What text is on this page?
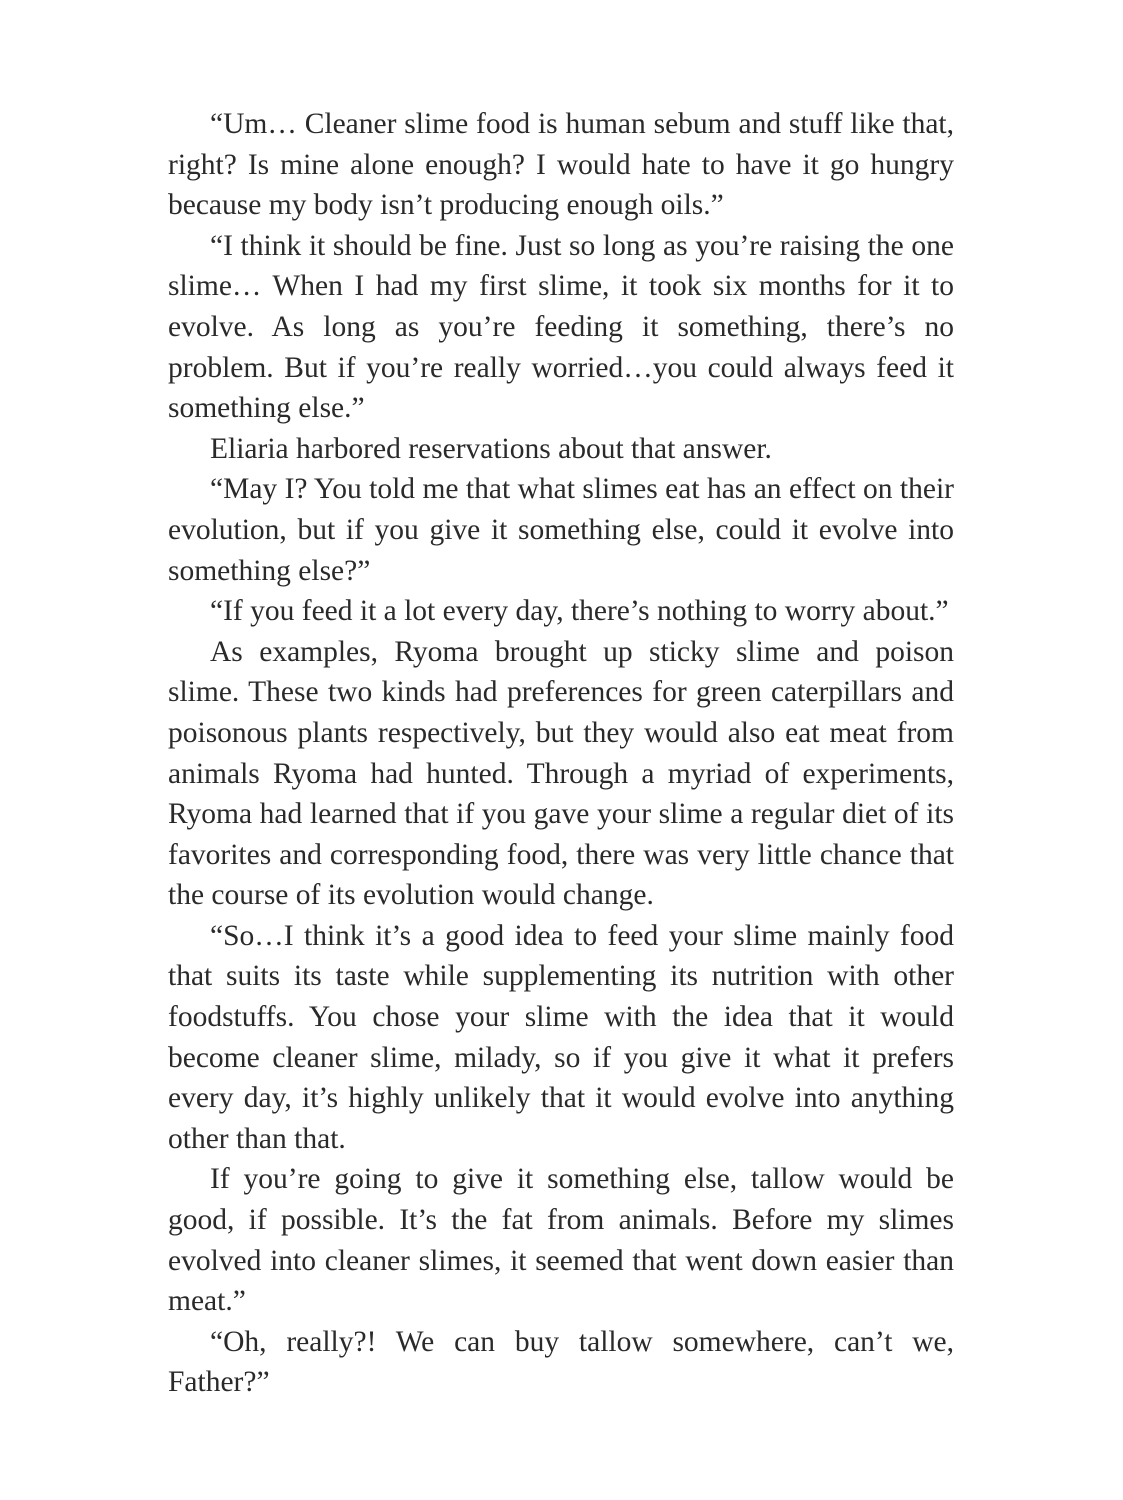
“Um… Cleaner slime food is human sebum and stuff like that, right? Is mine alone enough? I would hate to have it go hungry because my body isn’t producing enough oils.”

“I think it should be fine. Just so long as you’re raising the one slime… When I had my first slime, it took six months for it to evolve. As long as you’re feeding it something, there’s no problem. But if you’re really worried…you could always feed it something else.”

Eliaria harbored reservations about that answer.

“May I? You told me that what slimes eat has an effect on their evolution, but if you give it something else, could it evolve into something else?”

“If you feed it a lot every day, there’s nothing to worry about.”

As examples, Ryoma brought up sticky slime and poison slime. These two kinds had preferences for green caterpillars and poisonous plants respectively, but they would also eat meat from animals Ryoma had hunted. Through a myriad of experiments, Ryoma had learned that if you gave your slime a regular diet of its favorites and corresponding food, there was very little chance that the course of its evolution would change.

“So…I think it’s a good idea to feed your slime mainly food that suits its taste while supplementing its nutrition with other foodstuffs. You chose your slime with the idea that it would become cleaner slime, milady, so if you give it what it prefers every day, it’s highly unlikely that it would evolve into anything other than that.

If you’re going to give it something else, tallow would be good, if possible. It’s the fat from animals. Before my slimes evolved into cleaner slimes, it seemed that went down easier than meat.”

“Oh, really?! We can buy tallow somewhere, can’t we, Father?”
